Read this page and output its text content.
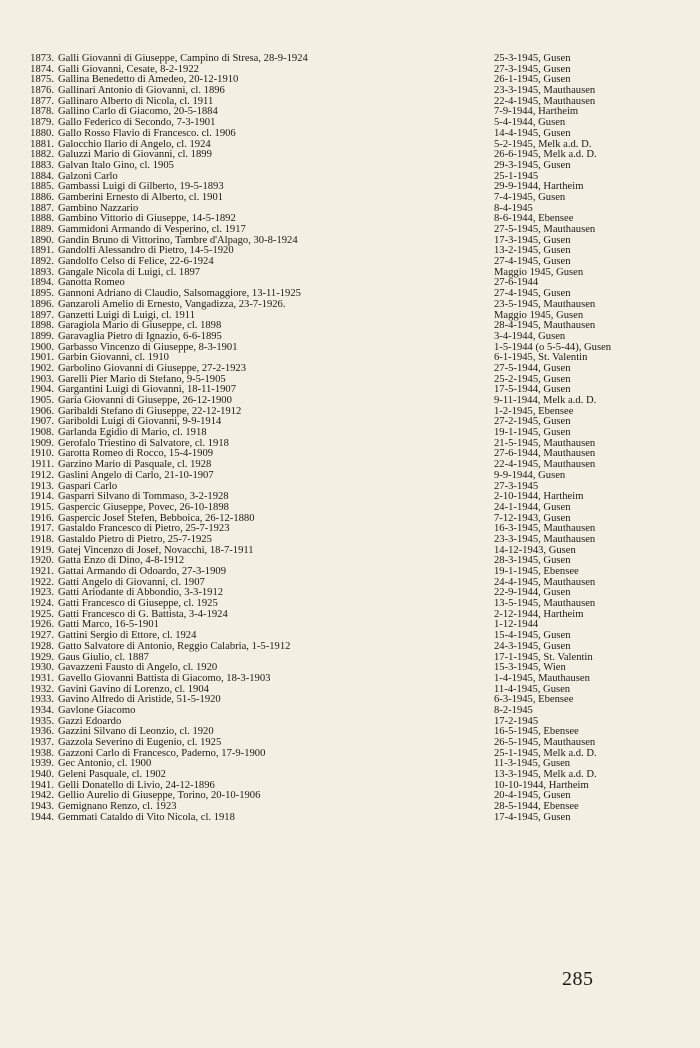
1873. Galli Giovanni di Giuseppe, Campino di Stresa, 28-9-1924	25-3-1945, Gusen
1874. Galli Giovanni, Cesate, 8-2-1922	27-3-1945, Gusen
1875. Gallina Benedetto di Amedeo, 20-12-1910	26-1-1945, Gusen
1876. Gallinari Antonio di Giovanni, cl. 1896	23-3-1945, Mauthausen
1877. Gallinaro Alberto di Nicola, cl. 1911	22-4-1945, Mauthausen
1878. Gallino Carlo di Giacomo, 20-5-1884	7-9-1944, Hartheim
1879. Gallo Federico di Secondo, 7-3-1901	5-4-1944, Gusen
1880. Gallo Rosso Flavio di Francesco. cl. 1906	14-4-1945, Gusen
1881. Galocchio Ilario di Angelo, cl. 1924	5-2-1945, Melk a.d. D.
1882. Galuzzi Mario di Giovanni, cl. 1899	26-6-1945, Melk a.d. D.
1883. Galvan Italo Gino, cl. 1905	29-3-1945, Gusen
1884. Galzoni Carlo	25-1-1945
1885. Gambassi Luigi di Gilberto, 19-5-1893	29-9-1944, Hartheim
1886. Gamberini Ernesto di Alberto, cl. 1901	7-4-1945, Gusen
1887. Gambino Nazzario	8-4-1945
1888. Gambino Vittorio di Giuseppe, 14-5-1892	8-6-1944, Ebensee
1889. Gammidoni Armando di Vesperino, cl. 1917	27-5-1945, Mauthausen
1890. Gandin Bruno di Vittorino, Tambre d'Alpago, 30-8-1924	17-3-1945, Gusen
1891. Gandolfi Alessandro di Pietro, 14-5-1920	13-2-1945, Gusen
1892. Gandolfo Celso di Felice, 22-6-1924	27-4-1945, Gusen
1893. Gangale Nicola di Luigi, cl. 1897	Maggio 1945, Gusen
1894. Ganotta Romeo	27-6-1944
1895. Gannoni Adriano di Claudio, Salsomaggiore, 13-11-1925	27-4-1945, Gusen
1896. Ganzaroli Amelio di Ernesto, Vangadizza, 23-7-1926.	23-5-1945, Mauthausen
1897. Ganzetti Luigi di Luigi, cl. 1911	Maggio 1945, Gusen
1898. Garagiola Mario di Giuseppe, cl. 1898	28-4-1945, Mauthausen
1899. Garavaglia Pietro di Ignazio, 6-6-1895	3-4-1944, Gusen
1900. Garbasso Vincenzo di Giuseppe, 8-3-1901	1-5-1944 (o 5-5-44), Gusen
1901. Garbin Giovanni, cl. 1910	6-1-1945, St. Valentin
1902. Garbolino Giovanni di Giuseppe, 27-2-1923	27-5-1944, Gusen
1903. Garelli Pier Mario di Stefano, 9-5-1905	25-2-1945, Gusen
1904. Gargantini Luigi di Giovanni, 18-11-1907	17-5-1944, Gusen
1905. Garia Giovanni di Giuseppe, 26-12-1900	9-11-1944, Melk a.d. D.
1906. Garibaldi Stefano di Giuseppe, 22-12-1912	1-2-1945, Ebensee
1907. Gariboldi Luigi di Giovanni, 9-9-1914	27-2-1945, Gusen
1908. Garlanda Egidio di Mario, cl. 1918	19-1-1945, Gusen
1909. Gerofalo Triestino di Salvatore, cl. 1918	21-5-1945, Mauthausen
1910. Garotta Romeo di Rocco, 15-4-1909	27-6-1944, Mauthausen
1911. Garzino Mario di Pasquale, cl. 1928	22-4-1945, Mauthausen
1912. Gaslini Angelo di Carlo, 21-10-1907	9-9-1944, Gusen
1913. Gaspari Carlo	27-3-1945
1914. Gasparri Silvano di Tommaso, 3-2-1928	2-10-1944, Hartheim
1915. Gaspercic Giuseppe, Povec, 26-10-1898	24-1-1944, Gusen
1916. Gaspercic Josef Stefen, Bebboica, 26-12-1880	7-12-1943, Gusen
1917. Gastaldo Francesco di Pietro, 25-7-1923	16-3-1945, Mauthausen
1918. Gastaldo Pietro di Pietro, 25-7-1925	23-3-1945, Mauthausen
1919. Gatej Vincenzo di Josef, Novacchi, 18-7-1911	14-12-1943, Gusen
1920. Gatta Enzo di Dino, 4-8-1912	28-3-1945, Gusen
1921. Gattai Armando di Odoardo, 27-3-1909	19-1-1945, Ebensee
1922. Gatti Angelo di Giovanni, cl. 1907	24-4-1945, Mauthausen
1923. Gatti Ariodante di Abbondio, 3-3-1912	22-9-1944, Gusen
1924. Gatti Francesco di Giuseppe, cl. 1925	13-5-1945, Mauthausen
1925. Gatti Francesco di G. Battista, 3-4-1924	2-12-1944, Hartheim
1926. Gatti Marco, 16-5-1901	1-12-1944
1927. Gattini Sergio di Ettore, cl. 1924	15-4-1945, Gusen
1928. Gatto Salvatore di Antonio, Reggio Calabria, 1-5-1912	24-3-1945, Gusen
1929. Gaus Giulio, cl. 1887	17-1-1945, St. Valentin
1930. Gavazzeni Fausto di Angelo, cl. 1920	15-3-1945, Wien
1931. Gavello Giovanni Battista di Giacomo, 18-3-1903	1-4-1945, Mauthausen
1932. Gavini Gavino di Lorenzo, cl. 1904	11-4-1945, Gusen
1933. Gavino Alfredo di Aristide, 51-5-1920	6-3-1945, Ebensee
1934. Gavlone Giacomo	8-2-1945
1935. Gazzi Edoardo	17-2-1945
1936. Gazzini Silvano di Leonzio, cl. 1920	16-5-1945, Ebensee
1937. Gazzola Severino di Eugenio, cl. 1925	26-5-1945, Mauthausen
1938. Gazzoni Carlo di Francesco, Paderno, 17-9-1900	25-1-1945, Melk a.d. D.
1939. Gec Antonio, cl. 1900	11-3-1945, Gusen
1940. Geleni Pasquale, cl. 1902	13-3-1945, Melk a.d. D.
1941. Gelli Donatello di Livio, 24-12-1896	10-10-1944, Hartheim
1942. Gellio Aurelio di Giuseppe, Torino, 20-10-1906	20-4-1945, Gusen
1943. Gemignano Renzo, cl. 1923	28-5-1944, Ebensee
1944. Gemmati Cataldo di Vito Nicola, cl. 1918	17-4-1945, Gusen
285
